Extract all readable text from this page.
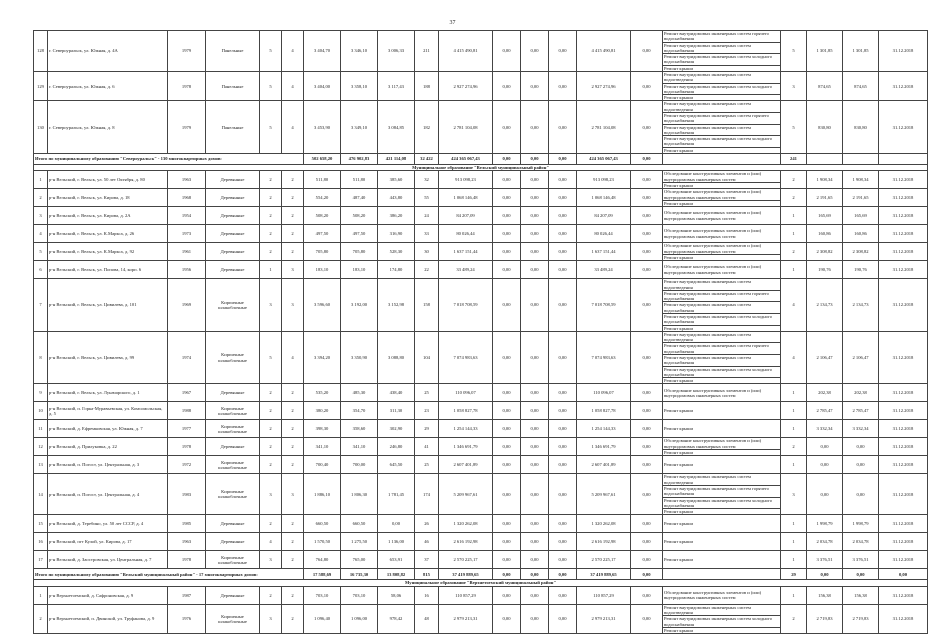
37
128	г. Североуральск, ул. Южная, д. 4А	1979	Панельные	5	4	3 404,70	3 346,10	3 006,33	211	4 415 490,81	0,00	0,00	0,00	4 415 490,81	0,00	Ремонт внутридомовых инженерных систем горячего водоснабжения
Ремонт внутридомовых инженерных систем водоснабжения
Ремонт внутридомовых инженерных систем холодного водоснабжения
Ремонт крыши	5	1 301,85	1 301,85	31.12.2018
129	г. Североуральск, ул. Южная, д. 6	1978	Панельные	5	4	3 404,00	3 358,10	3 117,43	188	2 927 274,96	0,00	0,00	0,00	2 927 274,96	0,00	Ремонт внутридомовых инженерных систем водоотведения
Ремонт внутридомовых инженерных систем холодного водоснабжения
Ремонт крыши	3	874,65	874,65	31.12.2018
130	г. Североуральск, ул. Южная, д. 8	1979	Панельные	5	4	3 453,90	3 349,10	3 084,85	182	2 781 104,08	0,00	0,00	0,00	2 781 104,08	0,00	Ремонт внутридомовых инженерных систем водоотведения
Ремонт внутридомовых инженерных систем горячего водоснабжения
Ремонт внутридомовых инженерных систем водоснабжения
Ремонт внутридомовых инженерных систем холодного водоснабжения
Ремонт крыши	5	830,80	830,80	31.12.2018
Итого по муниципальному образованию "Североуральск" - 130 многоквартирных домов:						502 658,20	476 902,83	421 114,08	32 422	424 365 067,43	0,00	0,00	0,00	424 365 067,43	0,00		241			
Муниципальное образование "Вельский муниципальный район"																				
1	р-н Вельский, г. Вельск, ул. 50 лет Октября, д. 80	1963	Деревянные	2	2	511,80	511,80	385,60	32	913 098,23	0,00	0,00	0,00	913 098,23	0,00	Обследование конструктивных элементов и (или) внутридомовых инженерных систем
Ремонт крыши	2	1 908,34	1 908,34	31.12.2018
2	р-н Вельский, г. Вельск, ул. Кирова, д. 18	1968	Деревянные	2	2	554,20	487,40	443,80	55	1 068 146,48	0,00	0,00	0,00	1 068 146,48	0,00	Обследование конструктивных элементов и (или) внутридомовых инженерных систем
Ремонт крыши	2	2 191,65	2 191,65	31.12.2018
3	р-н Вельский, г. Вельск, ул. Кирова, д. 2А	1954	Деревянные	2	2	508,20	508,20	386,20	24	84 207,09	0,00	0,00	0,00	84 207,09	0,00	Обследование конструктивных элементов и (или) внутридомовых инженерных систем	1	165,69	165,69	31.12.2018
4	р-н Вельский, г. Вельск, ул. К.Маркса, д. 26	1973	Деревянные	2	2	497,50	497,50	316,90	33	80 026,44	0,00	0,00	0,00	80 026,44	0,00	Обследование конструктивных элементов и (или) внутридомовых инженерных систем	1	160,86	160,86	31.12.2018
5	р-н Вельский, г. Вельск, ул. К.Маркса, д. 92	1961	Деревянные	2	2	705,80	705,80	528,30	30	1 637 151,44	0,00	0,00	0,00	1 637 151,44	0,00	Обследование конструктивных элементов и (или) внутридомовых инженерных систем
Ремонт крыши	2	2 308,82	2 308,82	31.12.2018
6	р-н Вельский, г. Вельск, ул. Попова, 14, корп. 6	1956	Деревянные	1	3	183,10	183,10	174,80	22	33 489,24	0,00	0,00	0,00	33 489,24	0,00	Обследование конструктивных элементов и (или) внутридомовых инженерных систем	1	190,76	190,76	31.12.2018
7	р-н Вельский, г. Вельск, ул. Цивилева, д. 101	1969	Кирпичные шлакоблочные	3	3	3 596,60	3 192,00	3 152,98	158	7 018 708,59	0,00	0,00	0,00	7 018 708,59	0,00	Ремонт внутридомовых инженерных систем водоотведения
Ремонт внутридомовых инженерных систем горячего водоснабжения
Ремонт внутридомовых инженерных систем водоснабжения
Ремонт внутридомовых инженерных систем холодного водоснабжения
Ремонт крыши	4	2 134,73	2 134,73	31.12.2018
8	р-н Вельский, г. Вельск, ул. Цивилева, д. 99	1974	Кирпичные шлакоблочные	5	4	3 394,20	3 350,90	3 088,80	104	7 074 983,63	0,00	0,00	0,00	7 074 983,63	0,00	Ремонт внутридомовых инженерных систем водоотведения
Ремонт внутридомовых инженерных систем горячего водоснабжения
Ремонт внутридомовых инженерных систем водоснабжения
Ремонт внутридомовых инженерных систем холодного водоснабжения
Ремонт крыши	4	2 106,47	2 106,47	31.12.2018
9	р-н Вельский, г. Вельск, ул. Луначарского, д. 1	1967	Деревянные	2	2	535,20	485,30	438,40	25	110 096,07	0,00	0,00	0,00	110 096,07	0,00	Обследование конструктивных элементов и (или) внутридомовых инженерных систем	1	202,38	202,38	31.12.2018
10	р-н Вельский, п. Горка-Муравьевская, ул. Комсомольская, д. 5	1988	Кирпичные шлакоблочные	2	2	380,20	354,70	311,30	23	1 058 827,78	0,00	0,00	0,00	1 058 827,78	0,00	Ремонт крыши	1	2 785,47	2 785,47	31.12.2018
11	р-н Вельский, д. Ефремковская, ул. Южная, д. 7	1977	Кирпичные шлакоблочные	2	2	398,30	358,60	302,90	29	1 254 144,33	0,00	0,00	0,00	1 254 144,33	0,00	Ремонт крыши	1	3 332,34	3 332,34	31.12.2018
12	р-н Вельский, д. Прилуковка, д. 22	1978	Деревянные	2	2	341,10	341,10	246,80	41	1 346 691,79	0,00	0,00	0,00	1 346 691,79	0,00	Обследование конструктивных элементов и (или) внутридомовых инженерных систем
Ремонт крыши	2	0,00	0,00	31.12.2018
13	р-н Вельский, п. Погост, ул. Центральная, д. 3	1972	Кирпичные шлакоблочные	2	2	700,40	700,00	645,50	25	2 607 401,89	0,00	0,00	0,00	2 607 401,89	0,00	Ремонт крыши	1	0,00	0,00	31.12.2018
14	р-н Вельский, п. Погост, ул. Центральная, д. 4	1983	Кирпичные шлакоблочные	3	3	1 886,10	1 806,30	1 781,45	174	5 209 967,61	0,00	0,00	0,00	5 209 967,61	0,00	Ремонт внутридомовых инженерных систем водоотведения
Ремонт внутридомовых инженерных систем горячего водоснабжения
Ремонт внутридомовых инженерных систем холодного водоснабжения
Ремонт крыши	3	0,00	0,00	31.12.2018
15	р-н Вельский, д. Теребино, ул. 50 лет СССР, д. 4	1985	Деревянные	2	2	660,50	660,50	0,00	26	1 320 262,08	0,00	0,00	0,00	1 320 262,08	0,00	Ремонт крыши	1	1 998,79	1 998,79	31.12.2018
16	р-н Вельский, пгт Кулой, ул. Кирова, д. 17	1963	Деревянные	4	2	1 570,50	1 275,50	1 136,00	46	2 616 192,98	0,00	0,00	0,00	2 616 192,98	0,00	Ремонт крыши	1	2 034,78	2 034,78	31.12.2018
17	р-н Вельский, д. Заостровская, ул. Центральная, д. 7	1978	Кирпичные шлакоблочные	3	2	764,80	765,00	653,91	37	2 570 225,17	0,00	0,00	0,00	2 570 225,17	0,00	Ремонт крыши	1	3 376,51	3 376,51	31.12.2018
Итого по муниципальному образованию "Вельский муниципальный район" - 17 многоквартирных домов:						17 588,69	16 735,30	13 808,82	815	37 419 889,65	0,00	0,00	0,00	37 419 889,65	0,00		29	0,00	0,00	0,00
Муниципальное образование "Верхнетоемский муниципальный район"																				
1	р-н Верхнетоемский, д. Сафроновская, д. 9	1987	Деревянные	2	2	703,10	703,10	58,06	16	110 857,29	0,00	0,00	0,00	110 857,29	0,00	Обследование конструктивных элементов и (или) внутридомовых инженерных систем	1	156,38	156,38	31.12.2018
2	р-н Верхнетоемский, п. Двинской, ул. Труфанова, д. 9	1976	Кирпичные шлакоблочные	3	2	1 096,40	1 096,00	978,42	48	2 979 213,31	0,00	0,00	0,00	2 979 213,31	0,00	Ремонт внутридомовых инженерных систем водоотведения
Ремонт внутридомовых инженерных систем холодного водоснабжения
Ремонт крыши	2	2 719,83	2 719,83	31.12.2018
